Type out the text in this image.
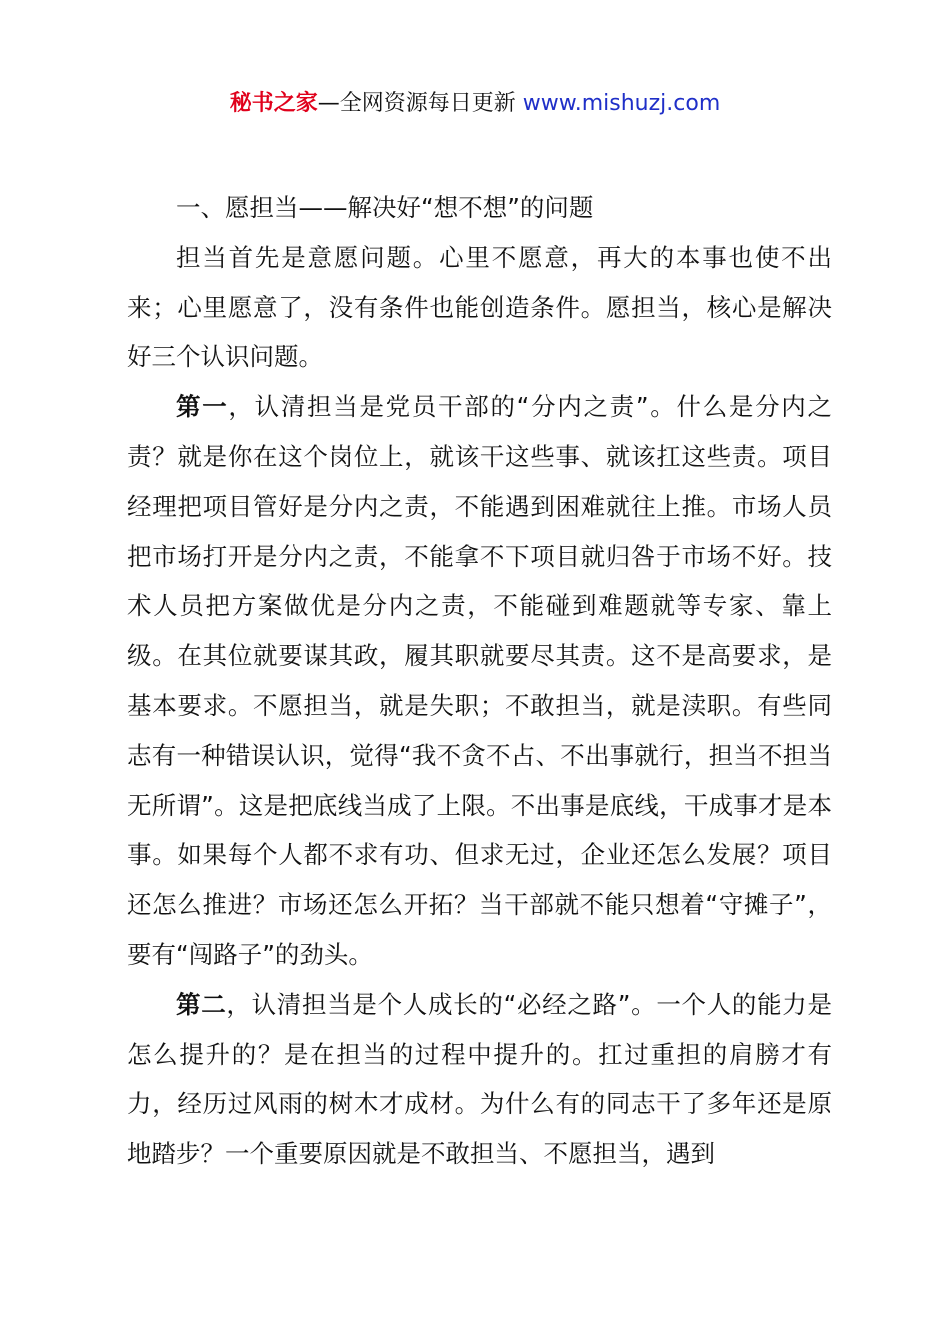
秘书之家—全网资源每日更新 www.mishuzj.com

一、愿担当——解决好“想不想”的问题

担当首先是意愿问题。心里不愿意，再大的本事也使不出来；心里愿意了，没有条件也能创造条件。愿担当，核心是解决好三个认识问题。

第一，认清担当是党员干部的“分内之责”。什么是分内之责？就是你在这个岗位上，就该干这些事、就该扛这些责。项目经理把项目管好是分内之责，不能遇到困难就往上推。市场人员把市场打开是分内之责，不能拿不下项目就归咎于市场不好。技术人员把方案做优是分内之责，不能碰到难题就等专家、靠上级。在其位就要谋其政，履其职就要尽其责。这不是高要求，是基本要求。不愿担当，就是失职；不敢担当，就是渎职。有些同志有一种错误认识，觉得“我不贪不占、不出事就行，担当不担当无所谓”。这是把底线当成了上限。不出事是底线，干成事才是本事。如果每个人都不求有功、但求无过，企业还怎么发展？项目还怎么推进？市场还怎么开拓？当干部就不能只想着“守摊子”，要有“闯路子”的劲头。

第二，认清担当是个人成长的“必经之路”。一个人的能力是怎么提升的？是在担当的过程中提升的。扛过重担的肩膀才有力，经历过风雨的树木才成材。为什么有的同志干了多年还是原地踏步？一个重要原因就是不敢担当、不愿担当，遇到
